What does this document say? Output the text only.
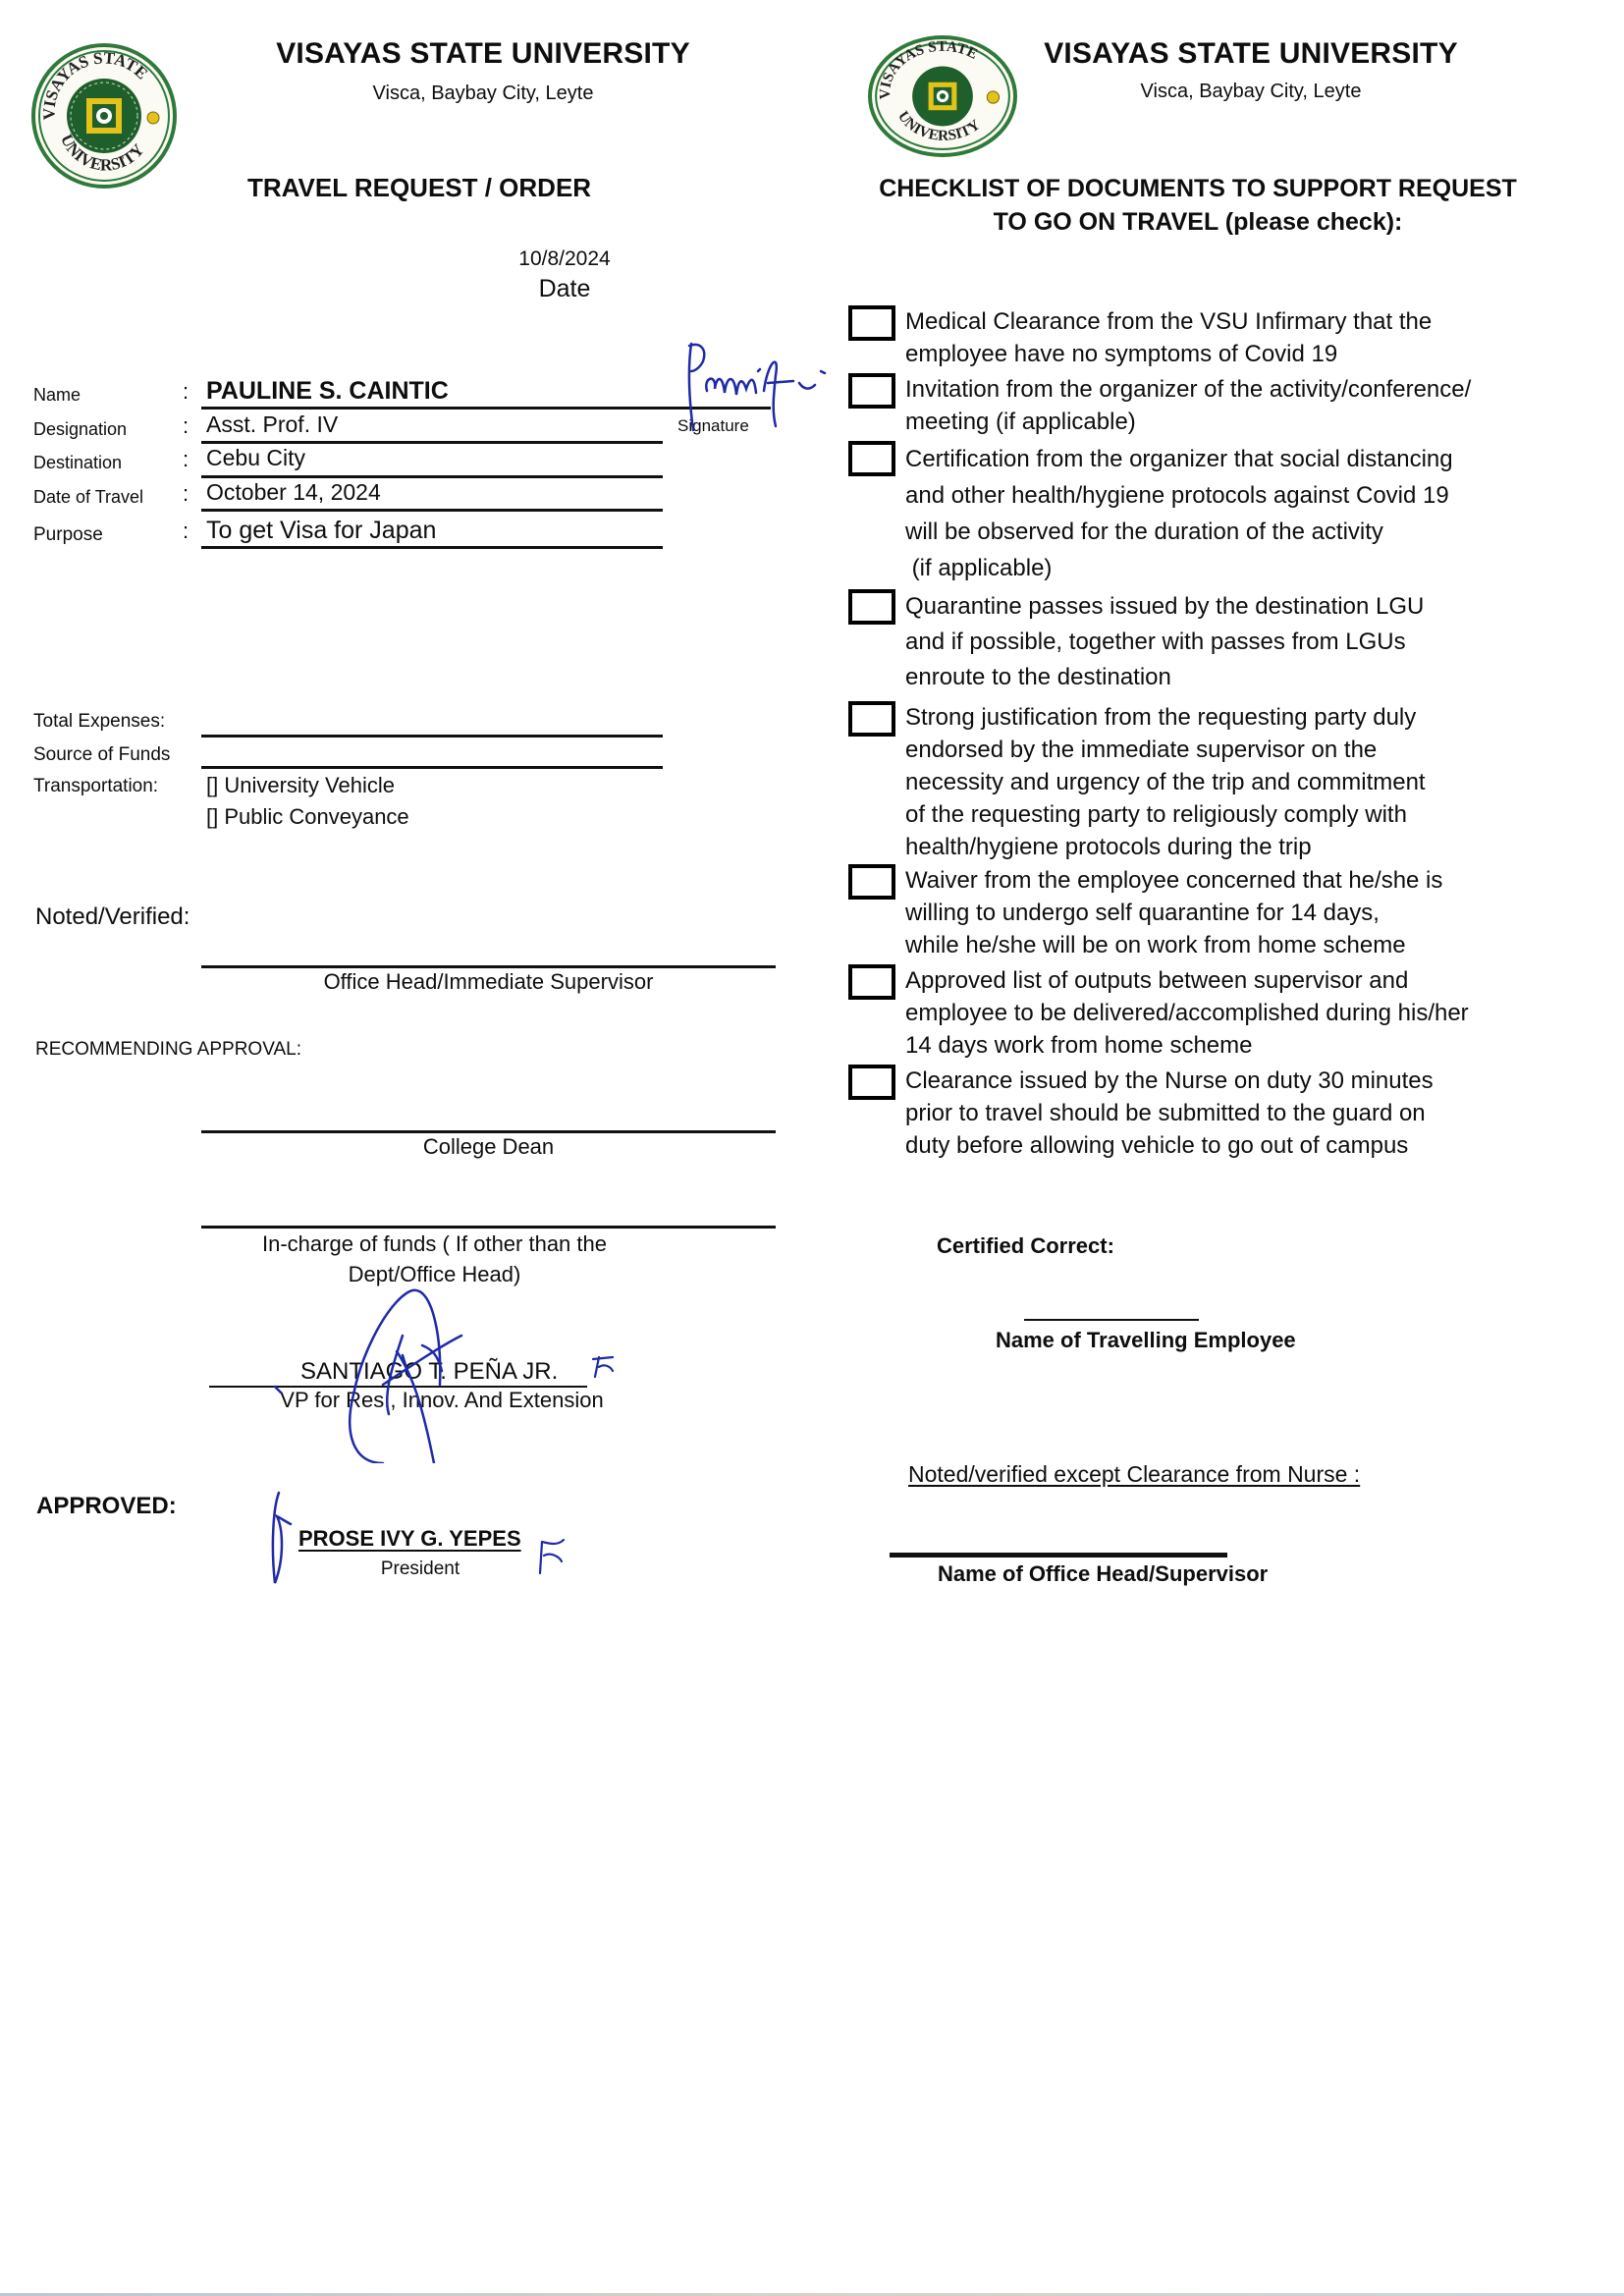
VISAYAS STATE
UNIVERSITY
VISAYAS STATE UNIVERSITY
Visca, Baybay City, Leyte
TRAVEL REQUEST / ORDER
10/8/2024
Date
Name	: PAULINE S. CAINTIC
Signature
Designation	: Asst. Prof. IV
Destination	: Cebu City
Date of Travel : October 14, 2024
Purpose	: To get Visa for Japan
Total Expenses:
Source of Funds
Transportation: [] University Vehicle
[] Public Conveyance
Noted/Verified:
Office Head/Immediate Supervisor
RECOMMENDING APPROVAL:
College Dean
In-charge of funds ( If other than the
Dept/Office Head)
SANTIAGO T. PEÑA JR.
VP for Res., Innov. And Extension
APPROVED:
PROSE IVY G. YEPES
President
VISAYAS STATE
UNIVERSITY
VISAYAS STATE UNIVERSITY
Visca, Baybay City, Leyte
CHECKLIST OF DOCUMENTS TO SUPPORT REQUEST
TO GO ON TRAVEL (please check):
Medical Clearance from the VSU Infirmary that the
employee have no symptoms of Covid 19
Invitation from the organizer of the activity/conference/
meeting (if applicable)
Certification from the organizer that social distancing
and other health/hygiene protocols against Covid 19
will be observed for the duration of the activity
(if applicable)
Quarantine passes issued by the destination LGU
and if possible, together with passes from LGUs
enroute to the destination
Strong justification from the requesting party duly
endorsed by the immediate supervisor on the
necessity and urgency of the trip and commitment
of the requesting party to religiously comply with
health/hygiene protocols during the trip
Waiver from the employee concerned that he/she is
willing to undergo self quarantine for 14 days,
while he/she will be on work from home scheme
Approved list of outputs between supervisor and
employee to be delivered/accomplished during his/her
14 days work from home scheme
Clearance issued by the Nurse on duty 30 minutes
prior to travel should be submitted to the guard on
duty before allowing vehicle to go out of campus
Certified Correct:
Name of Travelling Employee
Noted/verified except Clearance from Nurse :
Name of Office Head/Supervisor
